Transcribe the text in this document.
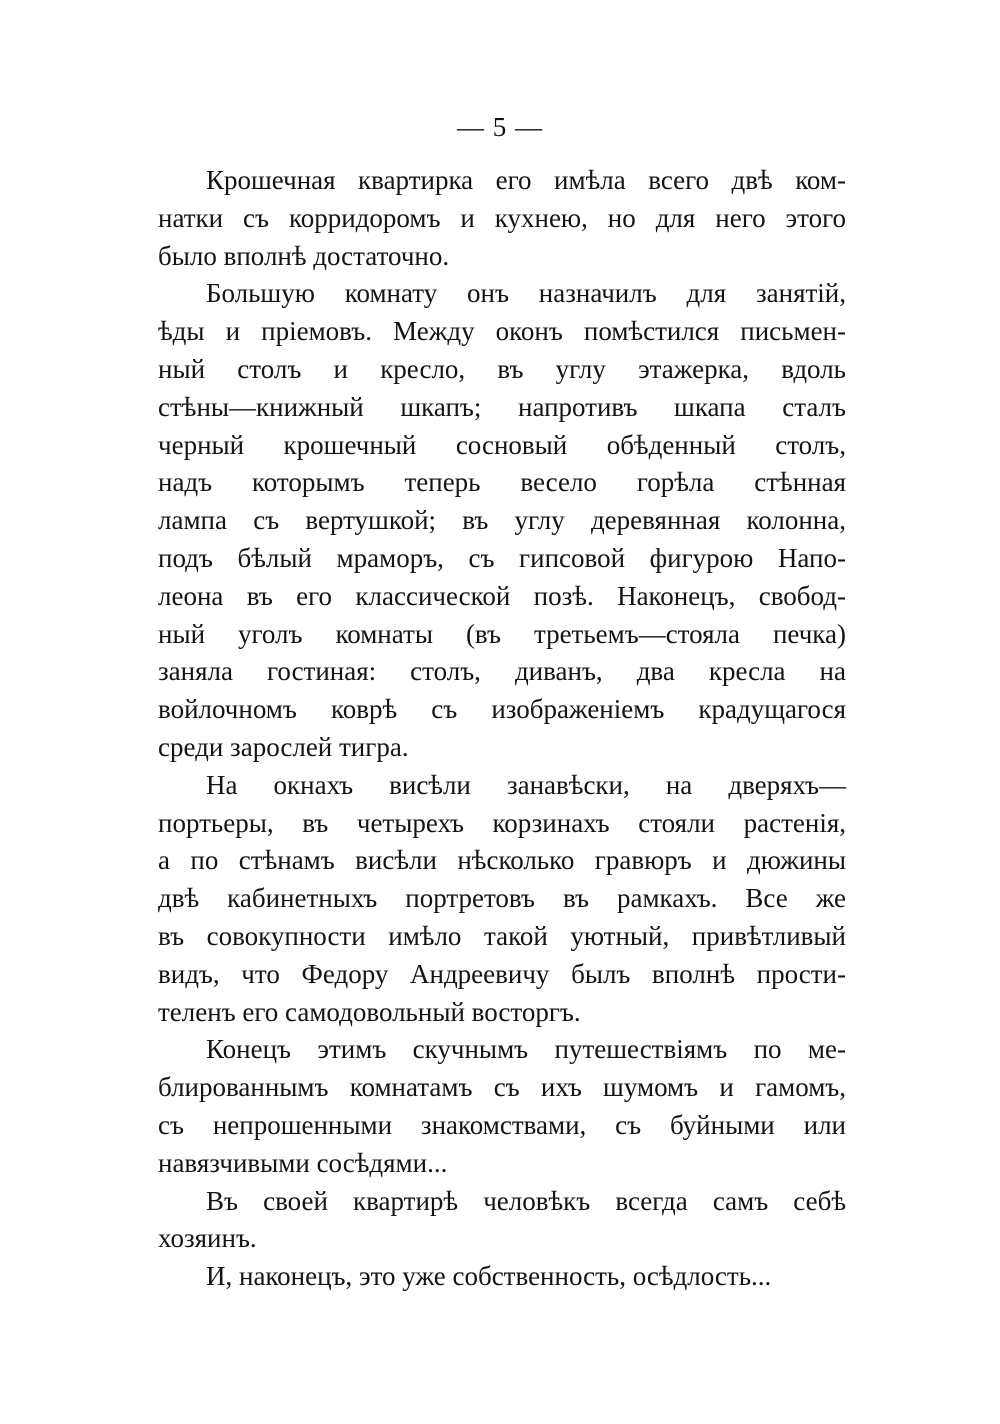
— 5 —
Крошечная квартирка его имѣла всего двѣ ком-
натки съ корридоромъ и кухнею, но для него этого
было вполнѣ достаточно.
Большую комнату онъ назначилъ для занятій,
ѣды и пріемовъ. Между оконъ помѣстился письмен-
ный столъ и кресло, въ углу этажерка, вдоль
стѣны—книжный шкапъ; напротивъ шкапа сталъ
черный крошечный сосновый обѣденный столъ,
надъ которымъ теперь весело горѣла стѣнная
лампа съ вертушкой; въ углу деревянная колонна,
подъ бѣлый мраморъ, съ гипсовой фигурою Напо-
леона въ его классической позѣ. Наконецъ, свобод-
ный уголъ комнаты (въ третьемъ—стояла печка)
заняла гостиная: столъ, диванъ, два кресла на
войлочномъ коврѣ съ изображеніемъ крадущагося
среди зарослей тигра.
На окнахъ висѣли занавѣски, на дверяхъ—
портьеры, въ четырехъ корзинахъ стояли растенія,
а по стѣнамъ висѣли нѣсколько гравюръ и дюжины
двѣ кабинетныхъ портретовъ въ рамкахъ. Все же
въ совокупности имѣло такой уютный, привѣтливый
видъ, что Федору Андреевичу былъ вполнѣ прости-
теленъ его самодовольный восторгъ.
Конецъ этимъ скучнымъ путешествіямъ по ме-
блированнымъ комнатамъ съ ихъ шумомъ и гамомъ,
съ непрошенными знакомствами, съ буйными или
навязчивыми сосѣдями...
Въ своей квартирѣ человѣкъ всегда самъ себѣ
хозяинъ.
И, наконецъ, это уже собственность, осѣдлость...
